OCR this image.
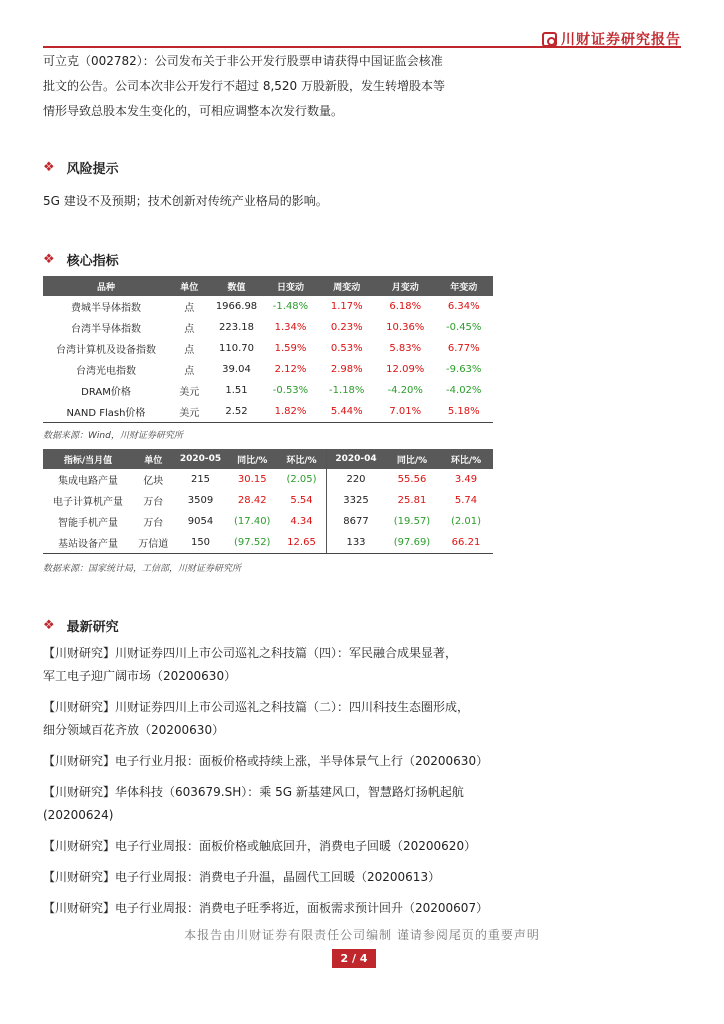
川财证券研究报告
可立克（002782）：公司发布关于非公开发行股票申请获得中国证监会核准
批文的公告。公司本次非公开发行不超过 8,520 万股新股，发生转增股本等
情形导致总股本发生变化的，可相应调整本次发行数量。
❖ 风险提示
5G 建设不及预期；技术创新对传统产业格局的影响。
❖ 核心指标
品种	单位	数值	日变动	周变动	月变动	年变动
费城半导体指数	点	1966.98	-1.48%	1.17%	6.18%	6.34%
台湾半导体指数	点	223.18	1.34%	0.23%	10.36%	-0.45%
台湾计算机及设备指数	点	110.70	1.59%	0.53%	5.83%	6.77%
台湾光电指数	点	39.04	2.12%	2.98%	12.09%	-9.63%
DRAM价格	美元	1.51	-0.53%	-1.18%	-4.20%	-4.02%
NAND Flash价格	美元	2.52	1.82%	5.44%	7.01%	5.18%
数据来源：Wind，川财证券研究所
指标/当月值	单位	2020-05	同比/%	环比/%	2020-04	同比/%	环比/%
集成电路产量	亿块	215	30.15	(2.05)	220	55.56	3.49
电子计算机产量	万台	3509	28.42	5.54	3325	25.81	5.74
智能手机产量	万台	9054	(17.40)	4.34	8677	(19.57)	(2.01)
基站设备产量	万信道	150	(97.52)	12.65	133	(97.69)	66.21
数据来源：国家统计局，工信部，川财证券研究所
❖ 最新研究
【川财研究】川财证券四川上市公司巡礼之科技篇（四）：军民融合成果显著，
军工电子迎广阔市场（20200630）
【川财研究】川财证券四川上市公司巡礼之科技篇（二）：四川科技生态圈形成，
细分领域百花齐放（20200630）
【川财研究】电子行业月报：面板价格或持续上涨，半导体景气上行（20200630）
【川财研究】华体科技（603679.SH）：乘 5G 新基建风口，智慧路灯扬帆起航
(20200624)
【川财研究】电子行业周报：面板价格或触底回升，消费电子回暖（20200620）
【川财研究】电子行业周报：消费电子升温，晶圆代工回暖（20200613）
【川财研究】电子行业周报：消费电子旺季将近，面板需求预计回升（20200607）
本报告由川财证券有限责任公司编制 谨请参阅尾页的重要声明
2 / 4
